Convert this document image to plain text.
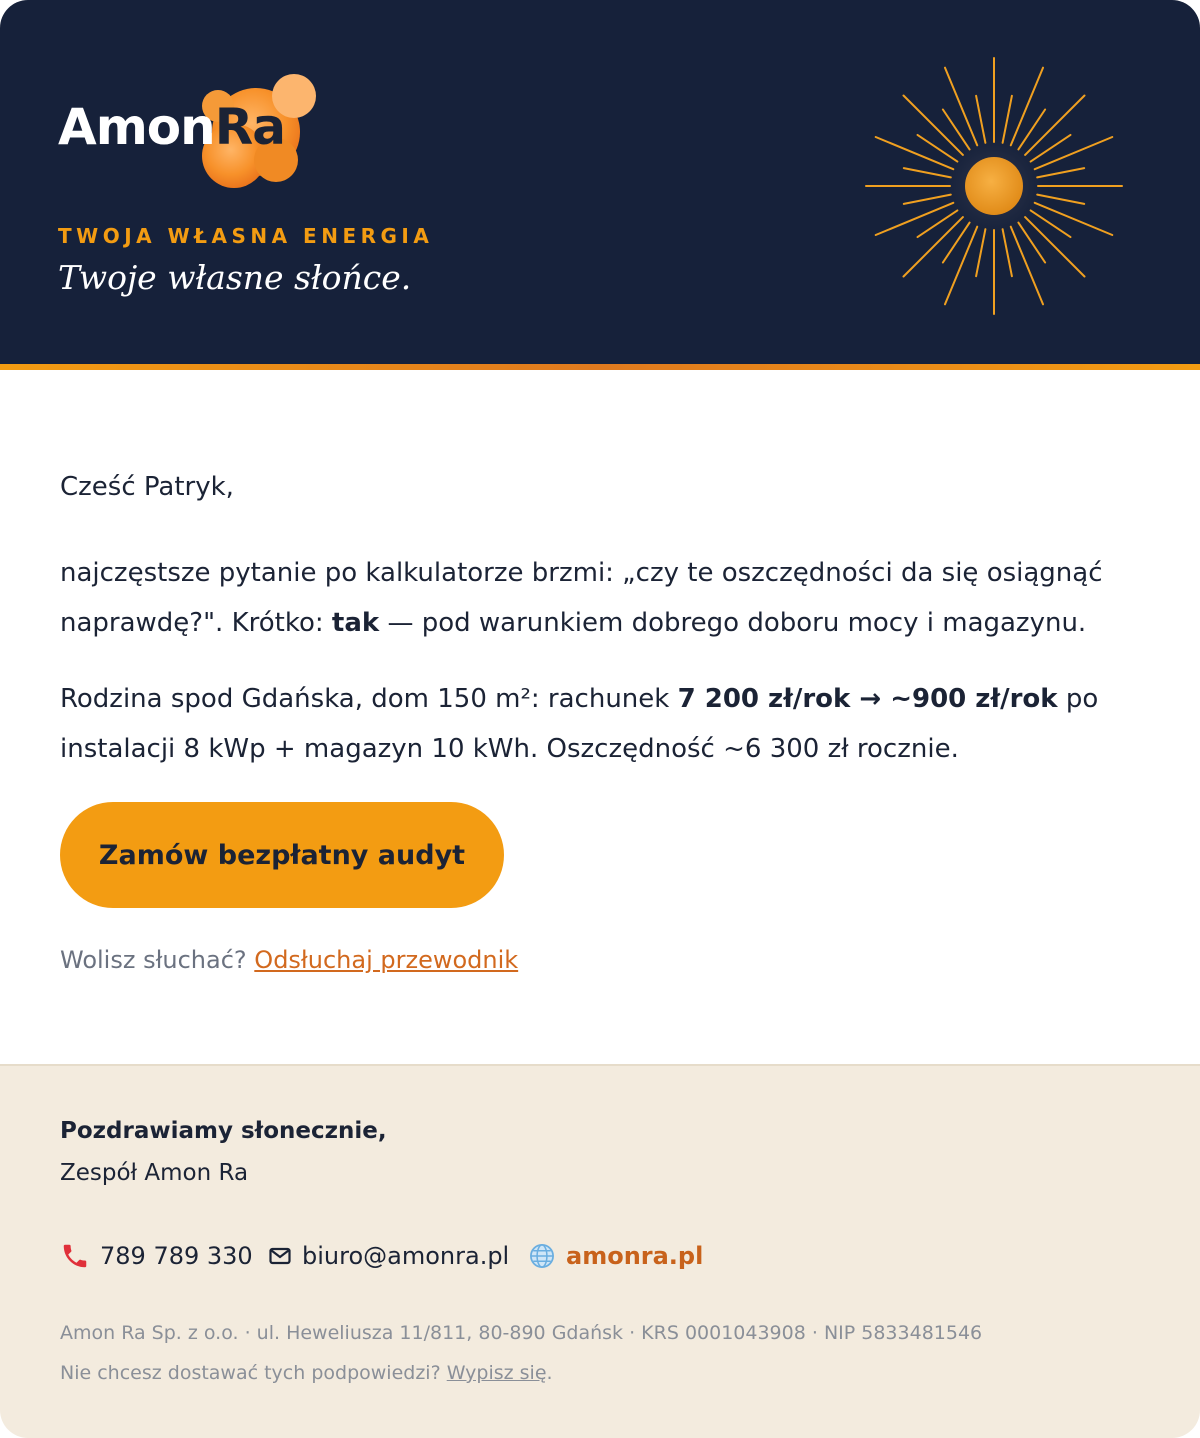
AmonRa
TWOJA WŁASNA ENERGIA
Twoje własne słońce.
Cześć Patryk,

najczęstsze pytanie po kalkulatorze brzmi: „czy te oszczędności da się osiągnąć naprawdę?". Krótko: tak — pod warunkiem dobrego doboru mocy i magazynu.

Rodzina spod Gdańska, dom 150 m²: rachunek 7 200 zł/rok → ~900 zł/rok po instalacji 8 kWp + magazyn 10 kWh. Oszczędność ~6 300 zł rocznie.

Zamów bezpłatny audyt
Wolisz słuchać? Odsłuchaj przewodnik
Pozdrawiamy słonecznie,
Zespół Amon Ra
789 789 330 biuro@amonra.pl amonra.pl
Amon Ra Sp. z o.o. · ul. Heweliusza 11/811, 80-890 Gdańsk · KRS 0001043908 · NIP 5833481546
Nie chcesz dostawać tych podpowiedzi? Wypisz się.
